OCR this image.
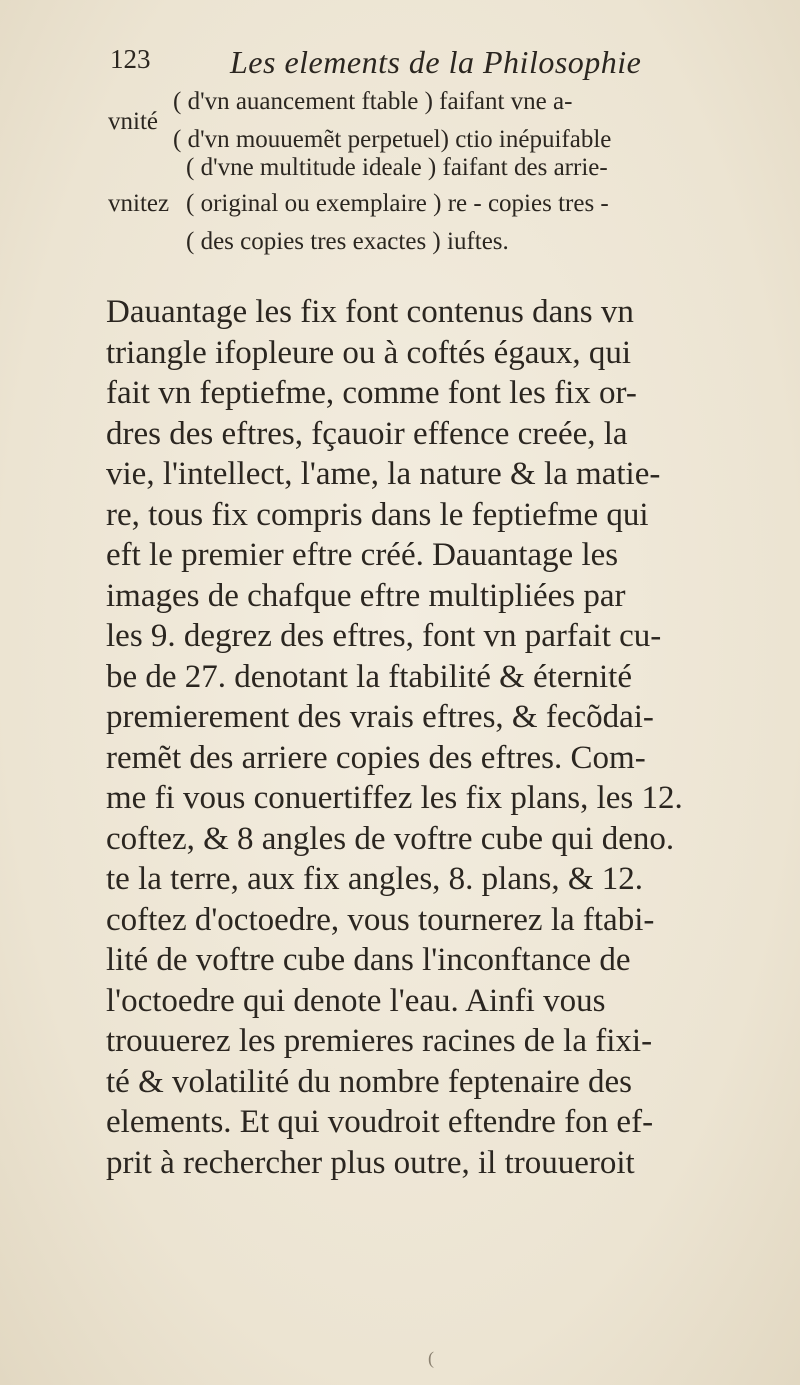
123 Les elements de la Philosophie
vnité
( d'vn auancement ftable ) faifant vne a-
( d'vn mouuemẽt perpetuel) ctio inépuifable
vnitez
( d'vne multitude ideale ) faifant des arrie-
( original ou exemplaire ) re - copies tres -
( des copies tres exactes ) iuftes.
Dauantage les fix font contenus dans vn
triangle ifopleure ou à coftés égaux, qui
fait vn feptiefme, comme font les fix or-
dres des eftres, fçauoir effence creée, la
vie, l'intellect, l'ame, la nature & la matie-
re, tous fix compris dans le feptiefme qui
eft le premier eftre créé. Dauantage les
images de chafque eftre multipliées par
les 9. degrez des eftres, font vn parfait cu-
be de 27. denotant la ftabilité & éternité
premierement des vrais eftres, & fecõdai-
remẽt des arriere copies des eftres. Com-
me fi vous conuertiffez les fix plans, les 12.
coftez, & 8 angles de voftre cube qui deno.
te la terre, aux fix angles, 8. plans, & 12.
coftez d'octoedre, vous tournerez la ftabi-
lité de voftre cube dans l'inconftance de
l'octoedre qui denote l'eau. Ainfi vous
trouuerez les premieres racines de la fixi-
té & volatilité du nombre feptenaire des
elements. Et qui voudroit eftendre fon ef-
prit à rechercher plus outre, il trouueroit
(
